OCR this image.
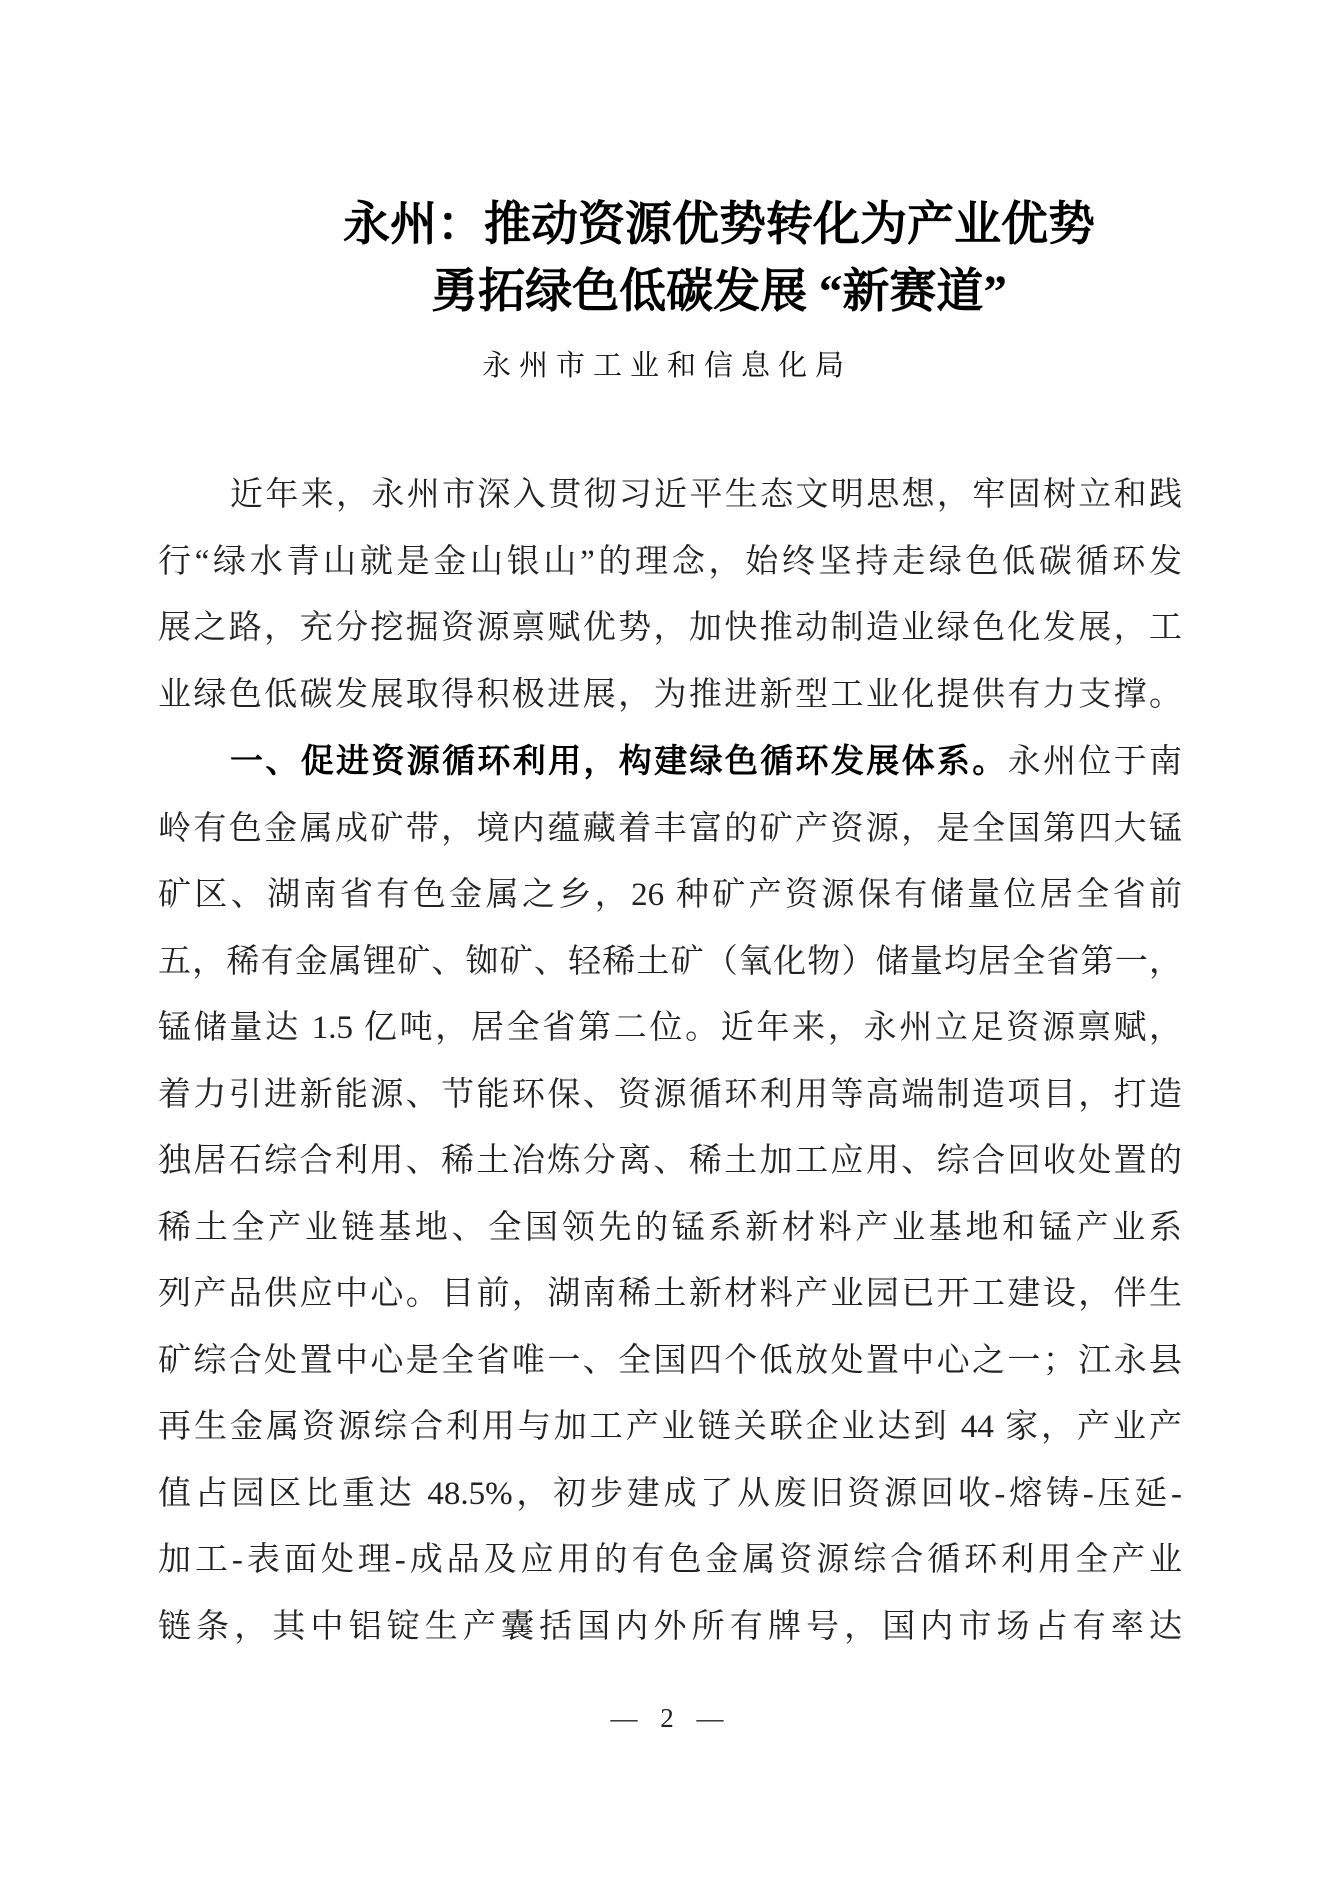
永州：推动资源优势转化为产业优势
勇拓绿色低碳发展 “新赛道”
永州市工业和信息化局
近年来，永州市深入贯彻习近平生态文明思想，牢固树立和践
行“绿水青山就是金山银山”的理念，始终坚持走绿色低碳循环发
展之路，充分挖掘资源禀赋优势，加快推动制造业绿色化发展，工
业绿色低碳发展取得积极进展，为推进新型工业化提供有力支撑。
一、促进资源循环利用，构建绿色循环发展体系。永州位于南
岭有色金属成矿带，境内蕴藏着丰富的矿产资源，是全国第四大锰
矿区、湖南省有色金属之乡，26 种矿产资源保有储量位居全省前
五，稀有金属锂矿、铷矿、轻稀土矿（氧化物）储量均居全省第一，
锰储量达 1.5 亿吨，居全省第二位。近年来，永州立足资源禀赋，
着力引进新能源、节能环保、资源循环利用等高端制造项目，打造
独居石综合利用、稀土冶炼分离、稀土加工应用、综合回收处置的
稀土全产业链基地、全国领先的锰系新材料产业基地和锰产业系
列产品供应中心。目前，湖南稀土新材料产业园已开工建设，伴生
矿综合处置中心是全省唯一、全国四个低放处置中心之一；江永县
再生金属资源综合利用与加工产业链关联企业达到 44 家，产业产
值占园区比重达 48.5%，初步建成了从废旧资源回收-熔铸-压延-
加工-表面处理-成品及应用的有色金属资源综合循环利用全产业
链条，其中铝锭生产囊括国内外所有牌号，国内市场占有率达
— 2 —
